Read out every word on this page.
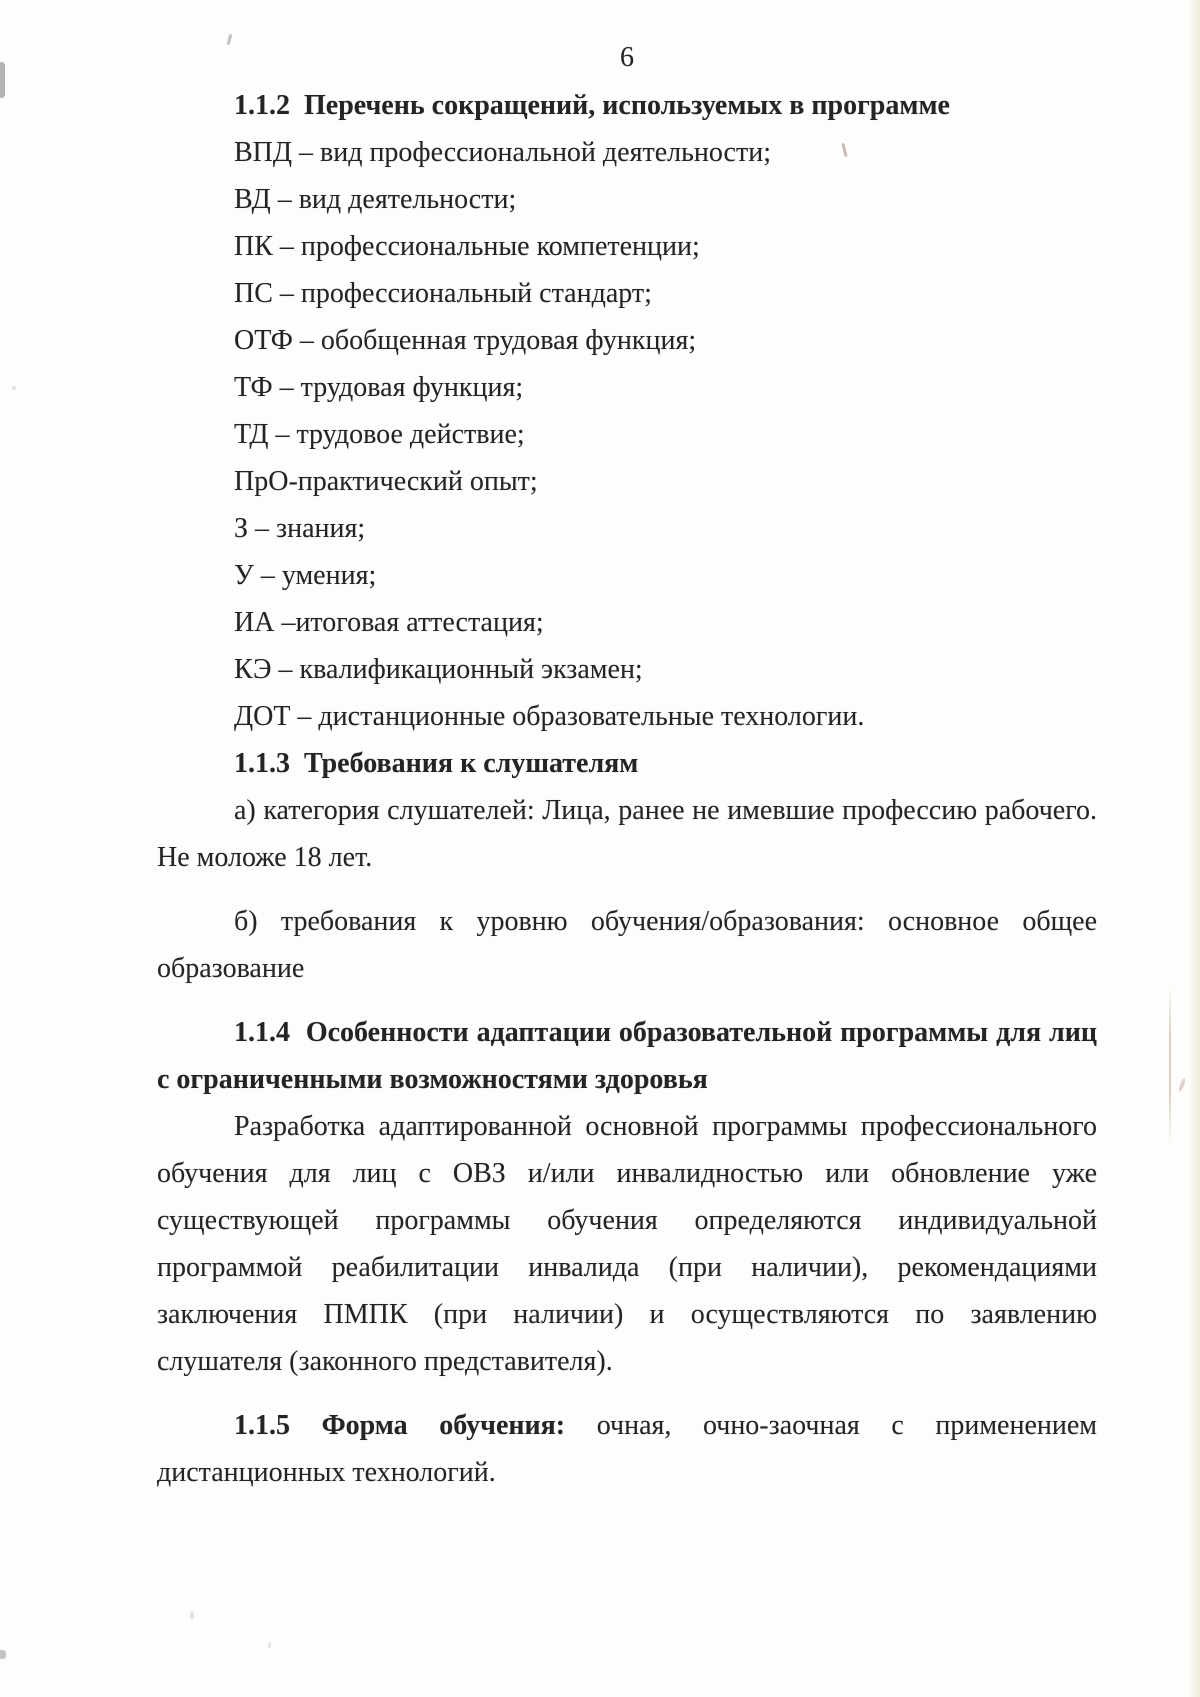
6
1.1.2  Перечень сокращений, используемых в программе
ВПД – вид профессиональной деятельности;
ВД – вид деятельности;
ПК – профессиональные компетенции;
ПС – профессиональный стандарт;
ОТФ – обобщенная трудовая функция;
ТФ – трудовая функция;
ТД – трудовое действие;
ПрО-практический опыт;
З – знания;
У – умения;
ИА –итоговая аттестация;
КЭ – квалификационный экзамен;
ДОТ – дистанционные образовательные технологии.
1.1.3  Требования к слушателям
а) категория слушателей: Лица, ранее не имевшие профессию рабочего.
Не моложе 18 лет.
б) требования к уровню обучения/образования: основное общее
образование
1.1.4  Особенности адаптации образовательной программы для лиц
с ограниченными возможностями здоровья
Разработка адаптированной основной программы профессионального
обучения для лиц с ОВЗ и/или инвалидностью или обновление уже
существующей программы обучения определяются индивидуальной
программой реабилитации инвалида (при наличии), рекомендациями
заключения ПМПК (при наличии) и осуществляются по заявлению
слушателя (законного представителя).
1.1.5 Форма обучения: очная, очно-заочная с применением
дистанционных технологий.
